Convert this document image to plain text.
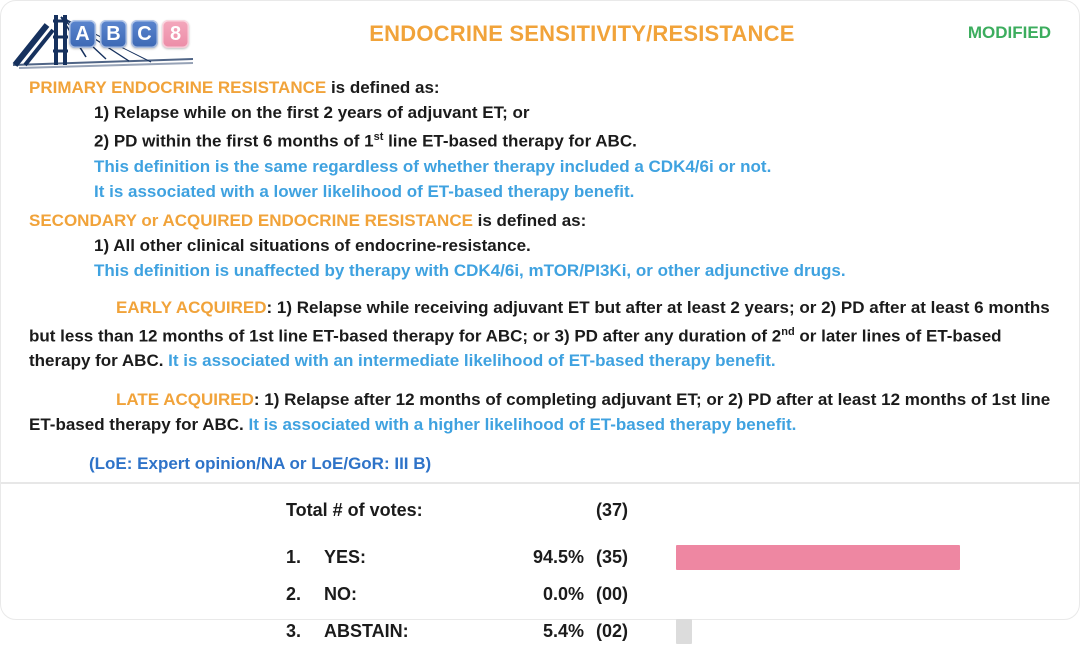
A B C 8	ENDOCRINE SENSITIVITY/RESISTANCE	MODIFIED
PRIMARY ENDOCRINE RESISTANCE is defined as:
1) Relapse while on the first 2 years of adjuvant ET; or
2) PD within the first 6 months of 1st line ET-based therapy for ABC.
This definition is the same regardless of whether therapy included a CDK4/6i or not.
It is associated with a lower likelihood of ET-based therapy benefit.
SECONDARY or ACQUIRED ENDOCRINE RESISTANCE is defined as:
1) All other clinical situations of endocrine-resistance.
This definition is unaffected by therapy with CDK4/6i, mTOR/PI3Ki, or other adjunctive drugs.
EARLY ACQUIRED: 1) Relapse while receiving adjuvant ET but after at least 2 years; or 2) PD after at least 6 months but less than 12 months of 1st line ET-based therapy for ABC; or 3) PD after any duration of 2nd or later lines of ET-based therapy for ABC. It is associated with an intermediate likelihood of ET-based therapy benefit.
LATE ACQUIRED: 1) Relapse after 12 months of completing adjuvant ET; or 2) PD after at least 12 months of 1st line ET-based therapy for ABC. It is associated with a higher likelihood of ET-based therapy benefit.
(LoE: Expert opinion/NA or LoE/GoR: III B)
Total # of votes:	(37)
1.	YES:	94.5% (35)
2.	NO:	0.0% (00)
3.	ABSTAIN:	5.4% (02)
